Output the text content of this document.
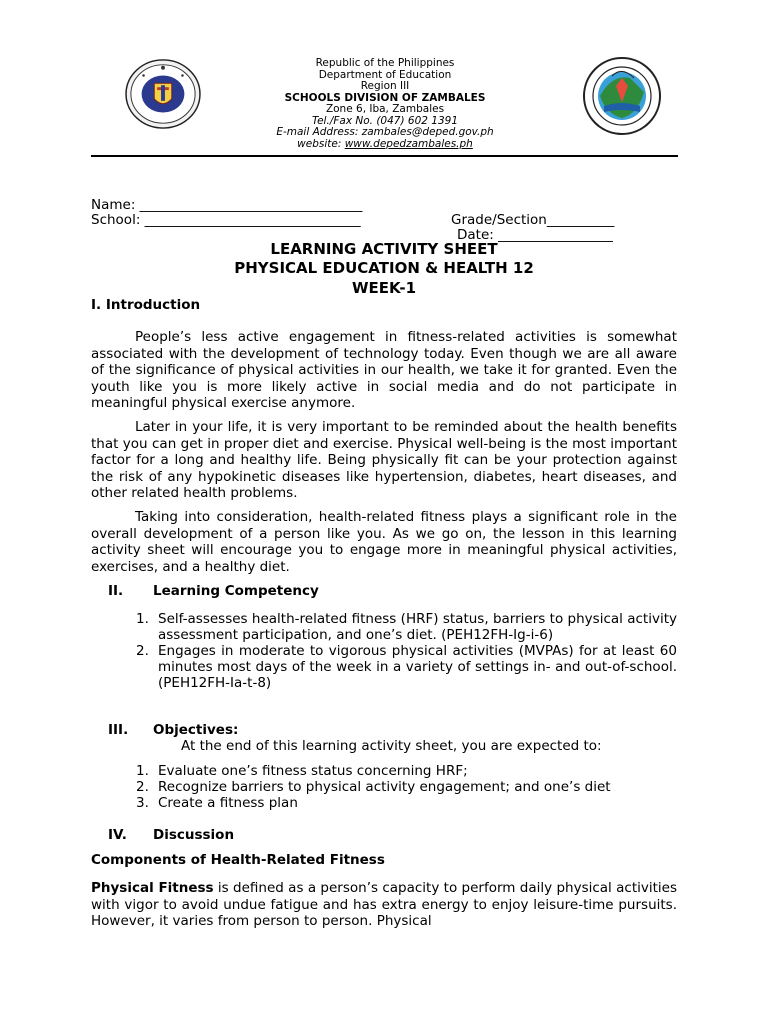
Republic of the Philippines
Department of Education
Region III
SCHOOLS DIVISION OF ZAMBALES
Zone 6, Iba, Zambales
Tel./Fax No. (047) 602 1391
E-mail Address: zambales@deped.gov.ph
website: www.depedzambales.ph

Name: _________________________________

Grade/Section__________

School: ________________________________

Date: _________________

LEARNING ACTIVITY SHEET
PHYSICAL EDUCATION & HEALTH 12
WEEK-1
I. Introduction
People’s less active engagement in fitness-related activities is somewhat associated with the development of technology today. Even though we are all aware of the significance of physical activities in our health, we take it for granted. Even the youth like you is more likely active in social media and do not participate in meaningful physical exercise anymore.
Later in your life, it is very important to be reminded about the health benefits that you can get in proper diet and exercise. Physical well-being is the most important factor for a long and healthy life. Being physically fit can be your protection against the risk of any hypokinetic diseases like hypertension, diabetes, heart diseases, and other related health problems.
Taking into consideration, health-related fitness plays a significant role in the overall development of a person like you. As we go on, the lesson in this learning activity sheet will encourage you to engage more in meaningful physical activities, exercises, and a healthy diet.
II. Learning Competency
1. Self-assesses health-related fitness (HRF) status, barriers to physical activity assessment participation, and one’s diet. (PEH12FH-Ig-i-6)
2. Engages in moderate to vigorous physical activities (MVPAs) for at least 60 minutes most days of the week in a variety of settings in- and out-of-school. (PEH12FH-Ia-t-8)
III. Objectives:
At the end of this learning activity sheet, you are expected to:
1. Evaluate one’s fitness status concerning HRF;
2. Recognize barriers to physical activity engagement; and one’s diet
3. Create a fitness plan
IV. Discussion
Components of Health-Related Fitness
Physical Fitness is defined as a person’s capacity to perform daily physical activities with vigor to avoid undue fatigue and has extra energy to enjoy leisure-time pursuits. However, it varies from person to person. Physical
